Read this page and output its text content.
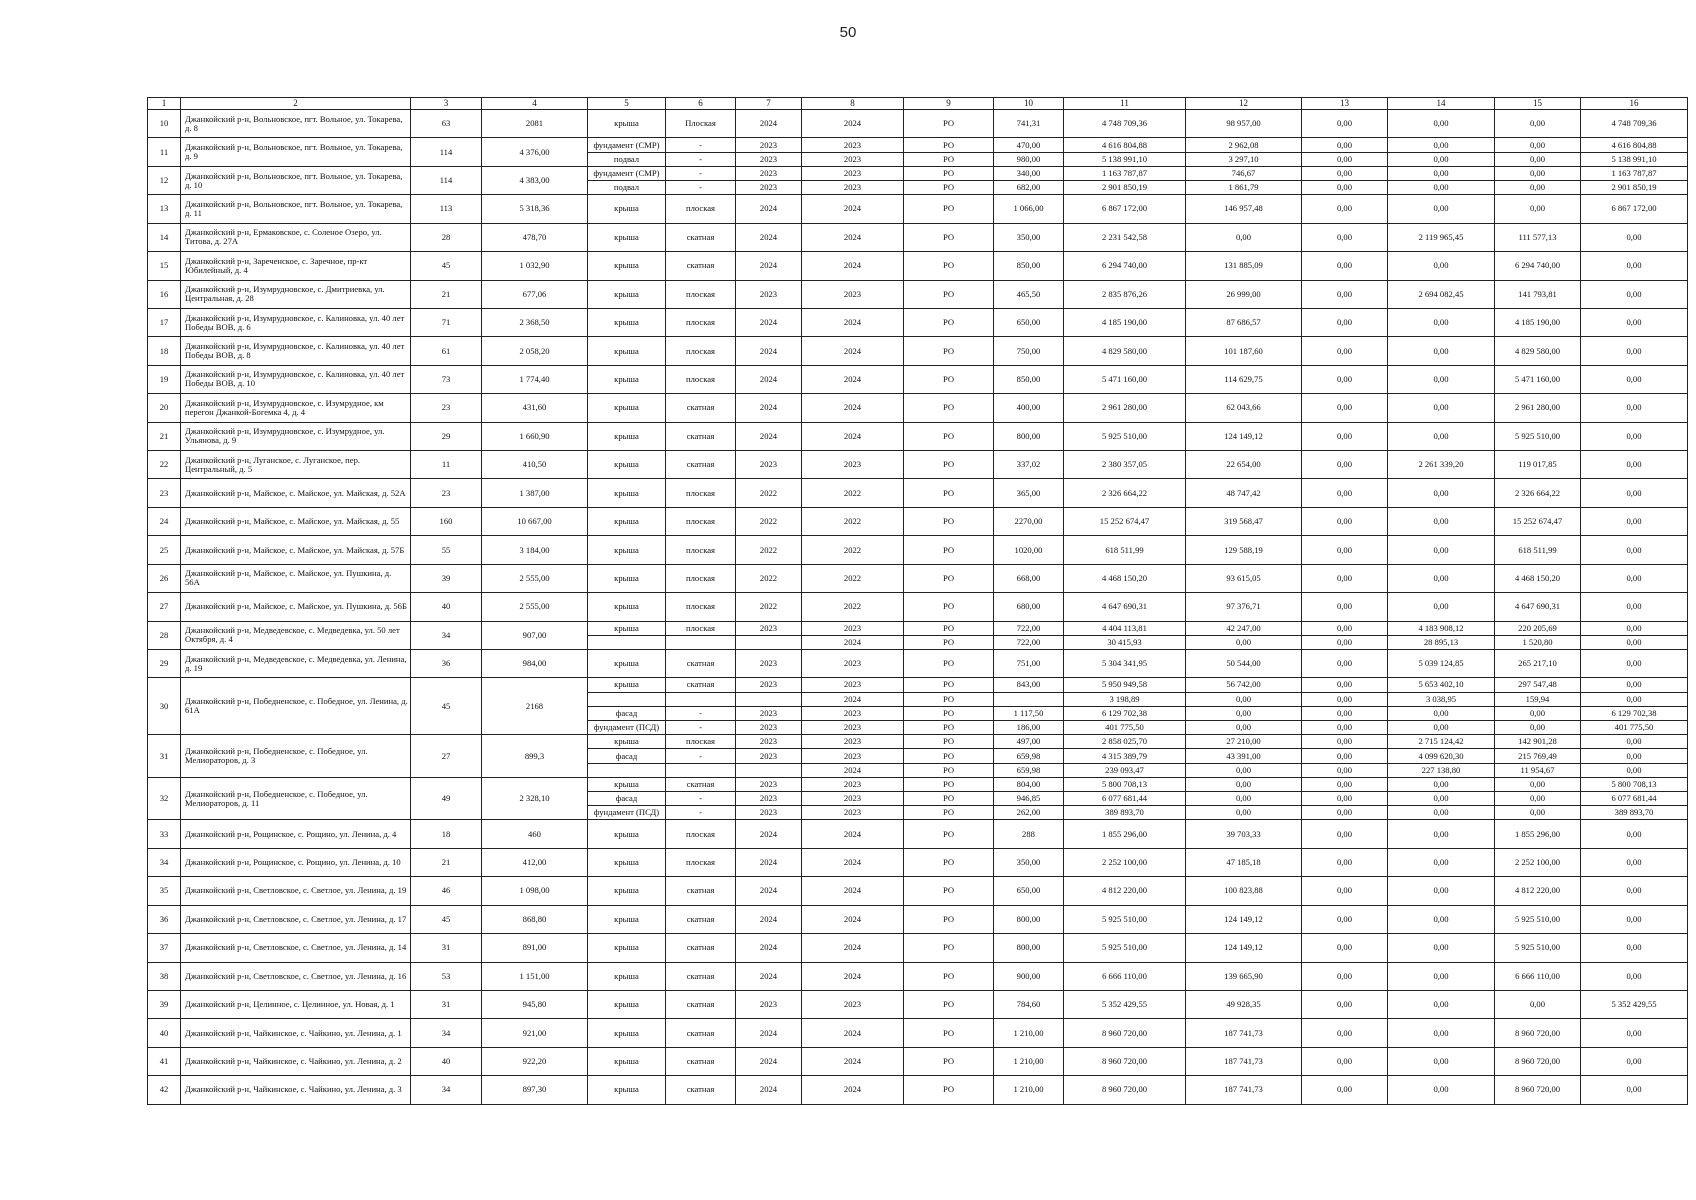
50
1	2	3	4	5	6	7	8	9	10	11	12	13	14	15	16
10	Джанкойский р-н, Вольновское, пгт. Вольное, ул. Токарева, д. 8	63	2081	крыша	Плоская	2024	2024	РО	741,31	4 748 709,36	98 957,00	0,00	0,00	0,00	4 748 709,36
11	Джанкойский р-н, Вольновское, пгт. Вольное, ул. Токарева, д. 9	114	4 376,00	фундамент (СМР)	-	2023	2023	РО	470,00	4 616 804,88	2 962,08	0,00	0,00	0,00	4 616 804,88
				подвал	-	2023	2023	РО	980,00	5 138 991,10	3 297,10	0,00	0,00	0,00	5 138 991,10
12	Джанкойский р-н, Вольновское, пгт. Вольное, ул. Токарева, д. 10	114	4 383,00	фундамент (СМР)	-	2023	2023	РО	340,00	1 163 787,87	746,67	0,00	0,00	0,00	1 163 787,87
				подвал	-	2023	2023	РО	682,00	2 901 850,19	1 861,79	0,00	0,00	0,00	2 901 850,19
13	Джанкойский р-н, Вольновское, пгт. Вольное, ул. Токарева, д. 11	113	5 318,36	крыша	плоская	2024	2024	РО	1 066,00	6 867 172,00	146 957,48	0,00	0,00	0,00	6 867 172,00
14	Джанкойский р-н, Ермаковское, с. Соленое Озеро, ул. Титова, д. 27А	28	478,70	крыша	скатная	2024	2024	РО	350,00	2 231 542,58	0,00	0,00	2 119 965,45	111 577,13	0,00
15	Джанкойский р-н, Зареченское, с. Заречное, пр-кт Юбилейный, д. 4	45	1 032,90	крыша	скатная	2024	2024	РО	850,00	6 294 740,00	131 885,09	0,00	0,00	6 294 740,00	0,00
16	Джанкойский р-н, Изумрудновское, с. Дмитриевка, ул. Центральная, д. 28	21	677,06	крыша	плоская	2023	2023	РО	465,50	2 835 876,26	26 999,00	0,00	2 694 082,45	141 793,81	0,00
17	Джанкойский р-н, Изумрудновское, с. Калиновка, ул. 40 лет Победы ВОВ, д. 6	71	2 368,50	крыша	плоская	2024	2024	РО	650,00	4 185 190,00	87 686,57	0,00	0,00	4 185 190,00	0,00
18	Джанкойский р-н, Изумрудновское, с. Калиновка, ул. 40 лет Победы ВОВ, д. 8	61	2 058,20	крыша	плоская	2024	2024	РО	750,00	4 829 580,00	101 187,60	0,00	0,00	4 829 580,00	0,00
19	Джанкойский р-н, Изумрудновское, с. Калиновка, ул. 40 лет Победы ВОВ, д. 10	73	1 774,40	крыша	плоская	2024	2024	РО	850,00	5 471 160,00	114 629,75	0,00	0,00	5 471 160,00	0,00
20	Джанкойский р-н, Изумрудновское, с. Изумрудное, км перегон Джанкой-Богемка 4, д. 4	23	431,60	крыша	скатная	2024	2024	РО	400,00	2 961 280,00	62 043,66	0,00	0,00	2 961 280,00	0,00
21	Джанкойский р-н, Изумрудновское, с. Изумрудное, ул. Ульянова, д. 9	29	1 660,90	крыша	скатная	2024	2024	РО	800,00	5 925 510,00	124 149,12	0,00	0,00	5 925 510,00	0,00
22	Джанкойский р-н, Луганское, с. Луганское, пер. Центральный, д. 5	11	410,50	крыша	скатная	2023	2023	РО	337,02	2 380 357,05	22 654,00	0,00	2 261 339,20	119 017,85	0,00
23	Джанкойский р-н, Майское, с. Майское, ул. Майская, д. 52А	23	1 387,00	крыша	плоская	2022	2022	РО	365,00	2 326 664,22	48 747,42	0,00	0,00	2 326 664,22	0,00
24	Джанкойский р-н, Майское, с. Майское, ул. Майская, д. 55	160	10 667,00	крыша	плоская	2022	2022	РО	2270,00	15 252 674,47	319 568,47	0,00	0,00	15 252 674,47	0,00
25	Джанкойский р-н, Майское, с. Майское, ул. Майская, д. 57Б	55	3 184,00	крыша	плоская	2022	2022	РО	1020,00	618 511,99	129 588,19	0,00	0,00	618 511,99	0,00
26	Джанкойский р-н, Майское, с. Майское, ул. Пушкина, д. 56А	39	2 555,00	крыша	плоская	2022	2022	РО	668,00	4 468 150,20	93 615,05	0,00	0,00	4 468 150,20	0,00
27	Джанкойский р-н, Майское, с. Майское, ул. Пушкина, д. 56Б	40	2 555,00	крыша	плоская	2022	2022	РО	680,00	4 647 690,31	97 376,71	0,00	0,00	4 647 690,31	0,00
28	Джанкойский р-н, Медведевское, с. Медведевка, ул. 50 лет Октября, д. 4	34	907,00	крыша	плоская	2023	2023	РО	722,00	4 404 113,81	42 247,00	0,00	4 183 908,12	220 205,69	0,00
							2024	РО	722,00	30 415,93	0,00	0,00	28 895,13	1 520,80	0,00
29	Джанкойский р-н, Медведевское, с. Медведевка, ул. Ленина, д. 19	36	984,00	крыша	скатная	2023	2023	РО	751,00	5 304 341,95	50 544,00	0,00	5 039 124,85	265 217,10	0,00
30	Джанкойский р-н, Победненское, с. Победное, ул. Ленина, д. 61А	45	2168	крыша	скатная	2023	2023	РО	843,00	5 950 949,58	56 742,00	0,00	5 653 402,10	297 547,48	0,00
							2024	РО		3 198,89	0,00	0,00	3 038,95	159,94	0,00
				фасад	-	2023	2023	РО	1 117,50	6 129 702,38	0,00	0,00	0,00	0,00	6 129 702,38
				фундамент (ПСД)	-	2023	2023	РО	186,00	401 775,50	0,00	0,00	0,00	0,00	401 775,50
31	Джанкойский р-н, Победненское, с. Победное, ул. Мелиораторов, д. 3	27	899,3	крыша	плоская	2023	2023	РО	497,00	2 858 025,70	27 210,00	0,00	2 715 124,42	142 901,28	0,00
				фасад	-	2023	2023	РО	659,98	4 315 389,79	43 391,00	0,00	4 099 620,30	215 769,49	0,00
							2024	РО	659,98	239 093,47	0,00	0,00	227 138,80	11 954,67	0,00
32	Джанкойский р-н, Победненское, с. Победное, ул. Мелиораторов, д. 11	49	2 328,10	крыша	скатная	2023	2023	РО	804,00	5 800 708,13	0,00	0,00	0,00	0,00	5 800 708,13
				фасад	-	2023	2023	РО	946,85	6 077 681,44	0,00	0,00	0,00	0,00	6 077 681,44
				фундамент (ПСД)	-	2023	2023	РО	262,00	389 893,70	0,00	0,00	0,00	0,00	389 893,70
33	Джанкойский р-н, Рощинское, с. Рощино, ул. Ленина, д. 4	18	460	крыша	плоская	2024	2024	РО	288	1 855 296,00	39 703,33	0,00	0,00	1 855 296,00	0,00
34	Джанкойский р-н, Рощинское, с. Рощино, ул. Ленина, д. 10	21	412,00	крыша	плоская	2024	2024	РО	350,00	2 252 100,00	47 185,18	0,00	0,00	2 252 100,00	0,00
35	Джанкойский р-н, Светловское, с. Светлое, ул. Ленина, д. 19	46	1 098,00	крыша	скатная	2024	2024	РО	650,00	4 812 220,00	100 823,88	0,00	0,00	4 812 220,00	0,00
36	Джанкойский р-н, Светловское, с. Светлое, ул. Ленина, д. 17	45	868,80	крыша	скатная	2024	2024	РО	800,00	5 925 510,00	124 149,12	0,00	0,00	5 925 510,00	0,00
37	Джанкойский р-н, Светловское, с. Светлое, ул. Ленина, д. 14	31	891,00	крыша	скатная	2024	2024	РО	800,00	5 925 510,00	124 149,12	0,00	0,00	5 925 510,00	0,00
38	Джанкойский р-н, Светловское, с. Светлое, ул. Ленина, д. 16	53	1 151,00	крыша	скатная	2024	2024	РО	900,00	6 666 110,00	139 665,90	0,00	0,00	6 666 110,00	0,00
39	Джанкойский р-н, Целинное, с. Целинное, ул. Новая, д. 1	31	945,80	крыша	скатная	2023	2023	РО	784,60	5 352 429,55	49 928,35	0,00	0,00	0,00	5 352 429,55
40	Джанкойский р-н, Чайкинское, с. Чайкино, ул. Ленина, д. 1	34	921,00	крыша	скатная	2024	2024	РО	1 210,00	8 960 720,00	187 741,73	0,00	0,00	8 960 720,00	0,00
41	Джанкойский р-н, Чайкинское, с. Чайкино, ул. Ленина, д. 2	40	922,20	крыша	скатная	2024	2024	РО	1 210,00	8 960 720,00	187 741,73	0,00	0,00	8 960 720,00	0,00
42	Джанкойский р-н, Чайкинское, с. Чайкино, ул. Ленина, д. 3	34	897,30	крыша	скатная	2024	2024	РО	1 210,00	8 960 720,00	187 741,73	0,00	0,00	8 960 720,00	0,00
